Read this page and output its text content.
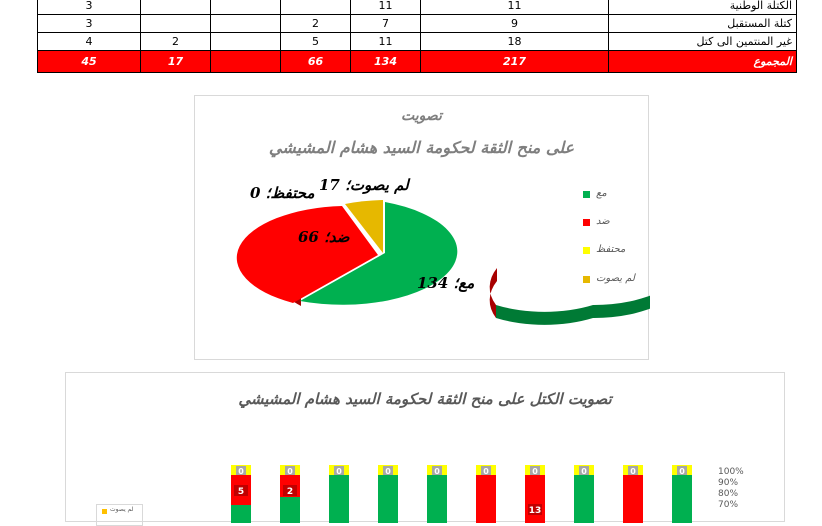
3				11	11	الكتلة الوطنية
3			2	7	9	كتلة المستقبل
4	2		5	11	18	غير المنتمين الى كتل
45	17		66	134	217	المجموع
تصويت
على منح الثقة لحكومة السيد هشام المشيشي
لم يصوت؛ 17
محتفظ؛ 0
ضد؛ 66
مع؛ 134
مع
ضد
محتفظ
لم يصوت
تصويت الكتل على منح الثقة لحكومة السيد هشام المشيشي
0
5
0
2
0	0	0	0	0
13
0	0	0	100%
90%
80%
70%
لم يصوت
